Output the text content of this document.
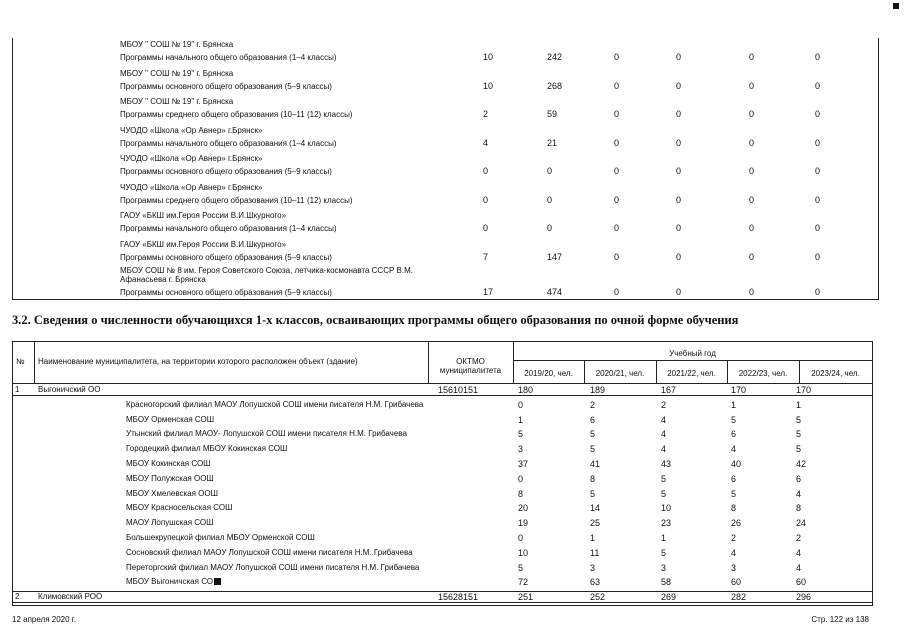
МБОУ " СОШ № 19" г. Брянска
Программы начального общего образования (1–4 классы)	10	242	0	0	0	0
МБОУ " СОШ № 19" г. Брянска
Программы основного общего образования (5–9 классы)	10	268	0	0	0	0
МБОУ " СОШ № 19" г. Брянска
Программы среднего общего образования (10–11 (12) классы)	2	59	0	0	0	0
ЧУОДО «Школа «Ор Авнер» г.Брянск»
Программы начального общего образования (1–4 классы)	4	21	0	0	0	0
ЧУОДО «Школа «Ор Авнер» г.Брянск»
Программы основного общего образования (5–9 классы)	0	0	0	0	0	0
ЧУОДО «Школа «Ор Авнер» г.Брянск»
Программы среднего общего образования (10–11 (12) классы)	0	0	0	0	0	0
ГАОУ «БКШ им.Героя России В.И.Шкурного»
Программы начального общего образования (1–4 классы)	0	0	0	0	0	0
ГАОУ «БКШ им.Героя России В.И.Шкурного»
Программы основного общего образования (5–9 классы)	7	147	0	0	0	0
МБОУ СОШ № 8 им. Героя Советского Союза, летчика-космонавта СССР В.М.
Афанасьева г. Брянска
Программы основного общего образования (5–9 классы)	17	474	0	0	0	0
3.2. Сведения о численности обучающихся 1-х классов, осваивающих программы общего образования по очной форме обучения
№ Наименование муниципалитета, на территории которого расположен объект (здание)	ОКТМО
муниципалитета
Учебный год
2019/20, чел.	2020/21, чел.	2021/22, чел.	2022/23, чел.	2023/24, чел.
1 Выгоничский ОО	15610151	180	189	167	170	170
Красногорский филиал МАОУ Лопушской СОШ имени писателя Н.М. Грибачева	0	2	2	1	1
МБОУ Орменская СОШ	1	6	4	5	5
Утынский филиал МАОУ- Лопушской СОШ имени писателя Н.М. Грибачева	5	5	4	6	5
Городецкий филиал МБОУ Кокинская СОШ	3	5	4	4	5
МБОУ Кокинская СОШ	37	41	43	40	42
МБОУ Полужская ООШ	0	8	5	6	6
МБОУ Хмелевская ООШ	8	5	5	5	4
МБОУ Красносельская СОШ	20	14	10	8	8
МАОУ Лопушская СОШ	19	25	23	26	24
Большекрупецкой филиал МБОУ Орменской СОШ	0	1	1	2	2
Сосновский филиал МАОУ Лопушской СОШ имени писателя Н.М. Грибачева	10	11	5	4	4
Переторгский филиал МАОУ Лопушской СОШ имени писателя Н.М. Грибачева	5	3	3	3	4
МБОУ Выгоничская СО	72	63	58	60	60
2 Климовский РОО	15628151	251	252	269	282	296
12 апреля 2020 г.	Стр. 122 из 138
